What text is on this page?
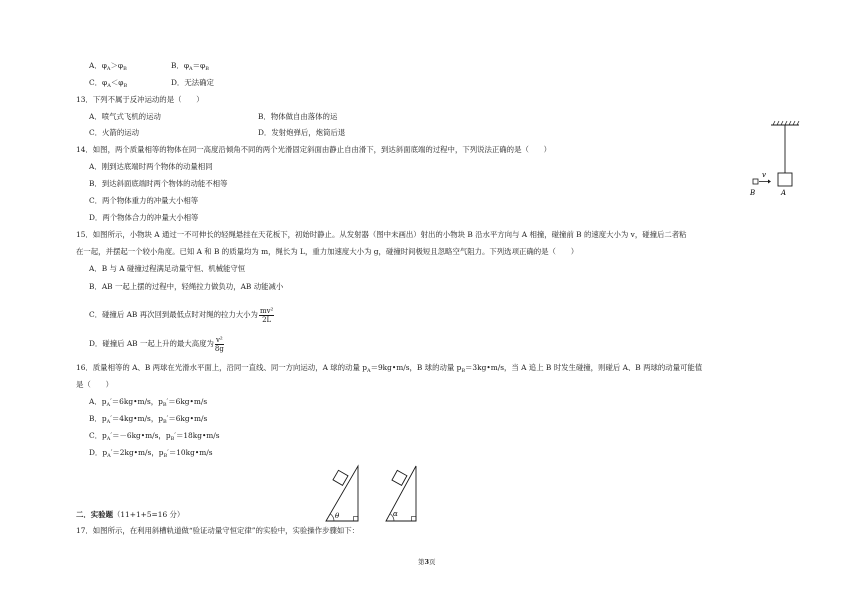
A．$\varphi_A>\varphi_B$	B．$\varphi_A=\varphi_B$
C．$\varphi_A<\varphi_B$	D．无法确定
13．下列不属于反冲运动的是（　　）
A．喷气式飞机的运动	B．物体做自由落体的运
C．火箭的运动	D．发射炮弹后，炮筒后退
14．如图，两个质量相等的物体在同一高度沿倾角不同的两个光滑固定斜面由静止自由滑下，到达斜面底端的过程中，下列说法正确的是（　　）
A．刚到达底端时两个物体的动量相同
B．到达斜面底端时两个物体的动能不相等
C．两个物体重力的冲量大小相等
D．两个物体合力的冲量大小相等
v
B	A
15．如图所示，小物块 A 通过一不可伸长的轻绳悬挂在天花板下，初始时静止。从发射器（图中未画出）射出的小物块 B 沿水平方向与 A 相撞，碰撞前 B 的速度大小为 v，碰撞后二者粘
在一起，并摆起一个较小角度。已知 A 和 B 的质量均为 m，绳长为 L，重力加速度大小为 g，碰撞时间极短且忽略空气阻力。下列选项正确的是（　　）
A．B 与 A 碰撞过程满足动量守恒、机械能守恒
B．AB 一起上摆的过程中，轻绳拉力做负功，AB 动能减小
C．碰撞后 AB 再次回到最低点时对绳的拉力大小为 $\frac{\text{mv²}}{2L}$
D．碰撞后 AB 一起上升的最大高度为 $\frac{\text{v²}}{8g}$
16．质量相等的 A、B 两球在光滑水平面上，沿同一直线、同一方向运动，A 球的动量 $p_A=9kg•m/s$，B 球的动量 $p_B=3kg•m/s$，当 A 追上 B 时发生碰撞，则碰后 A、B 两球的动量可能值
是（　　）
A．$p_A'=6kg•m/s$，$p_B'=6kg•m/s$
B．$p_A'=4kg•m/s$，$p_B'=6kg•m/s$
C．$p_A'=-6kg•m/s$，$p_B'=18kg•m/s$
D．$p_A'=2kg•m/s$，$p_B'=10kg•m/s$
θ	α
二．实验题（11+1+5=16 分）
17．如图所示，在利用斜槽轨道做“验证动量守恒定律”的实验中，实验操作步骤如下：
第3页
